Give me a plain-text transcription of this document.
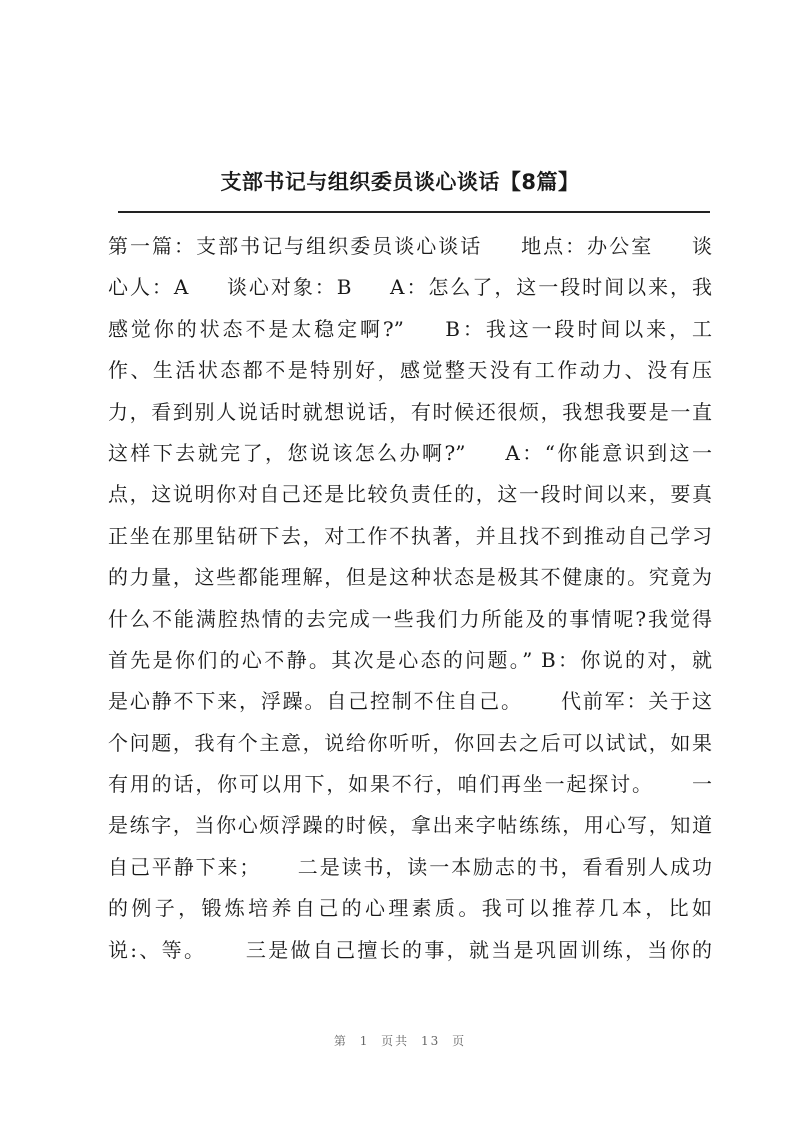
支部书记与组织委员谈心谈话【8篇】
第一篇：支部书记与组织委员谈心谈话 　 地点：办公室 　 谈
心人：A 　 谈心对象：B 　 A：怎么了，这一段时间以来，我
感觉你的状态不是太稳定啊?” 　 B：我这一段时间以来，工
作、生活状态都不是特别好，感觉整天没有工作动力、没有压
力，看到别人说话时就想说话，有时候还很烦，我想我要是一直
这样下去就完了，您说该怎么办啊?” 　 A：“你能意识到这一
点，这说明你对自己还是比较负责任的，这一段时间以来，要真
正坐在那里钻研下去，对工作不执著，并且找不到推动自己学习
的力量，这些都能理解，但是这种状态是极其不健康的。究竟为
什么不能满腔热情的去完成一些我们力所能及的事情呢?我觉得
首先是你们的心不静。其次是心态的问题。” B：你说的对，就
是心静不下来，浮躁。自己控制不住自己。 　 代前军：关于这
个问题，我有个主意，说给你听听，你回去之后可以试试，如果
有用的话，你可以用下，如果不行，咱们再坐一起探讨。 　 一
是练字，当你心烦浮躁的时候，拿出来字帖练练，用心写，知道
自己平静下来； 　 二是读书，读一本励志的书，看看别人成功
的例子，锻炼培养自己的心理素质。我可以推荐几本，比如
说:、等。 　 三是做自己擅长的事，就当是巩固训练，当你的
第 1 页共 13 页
